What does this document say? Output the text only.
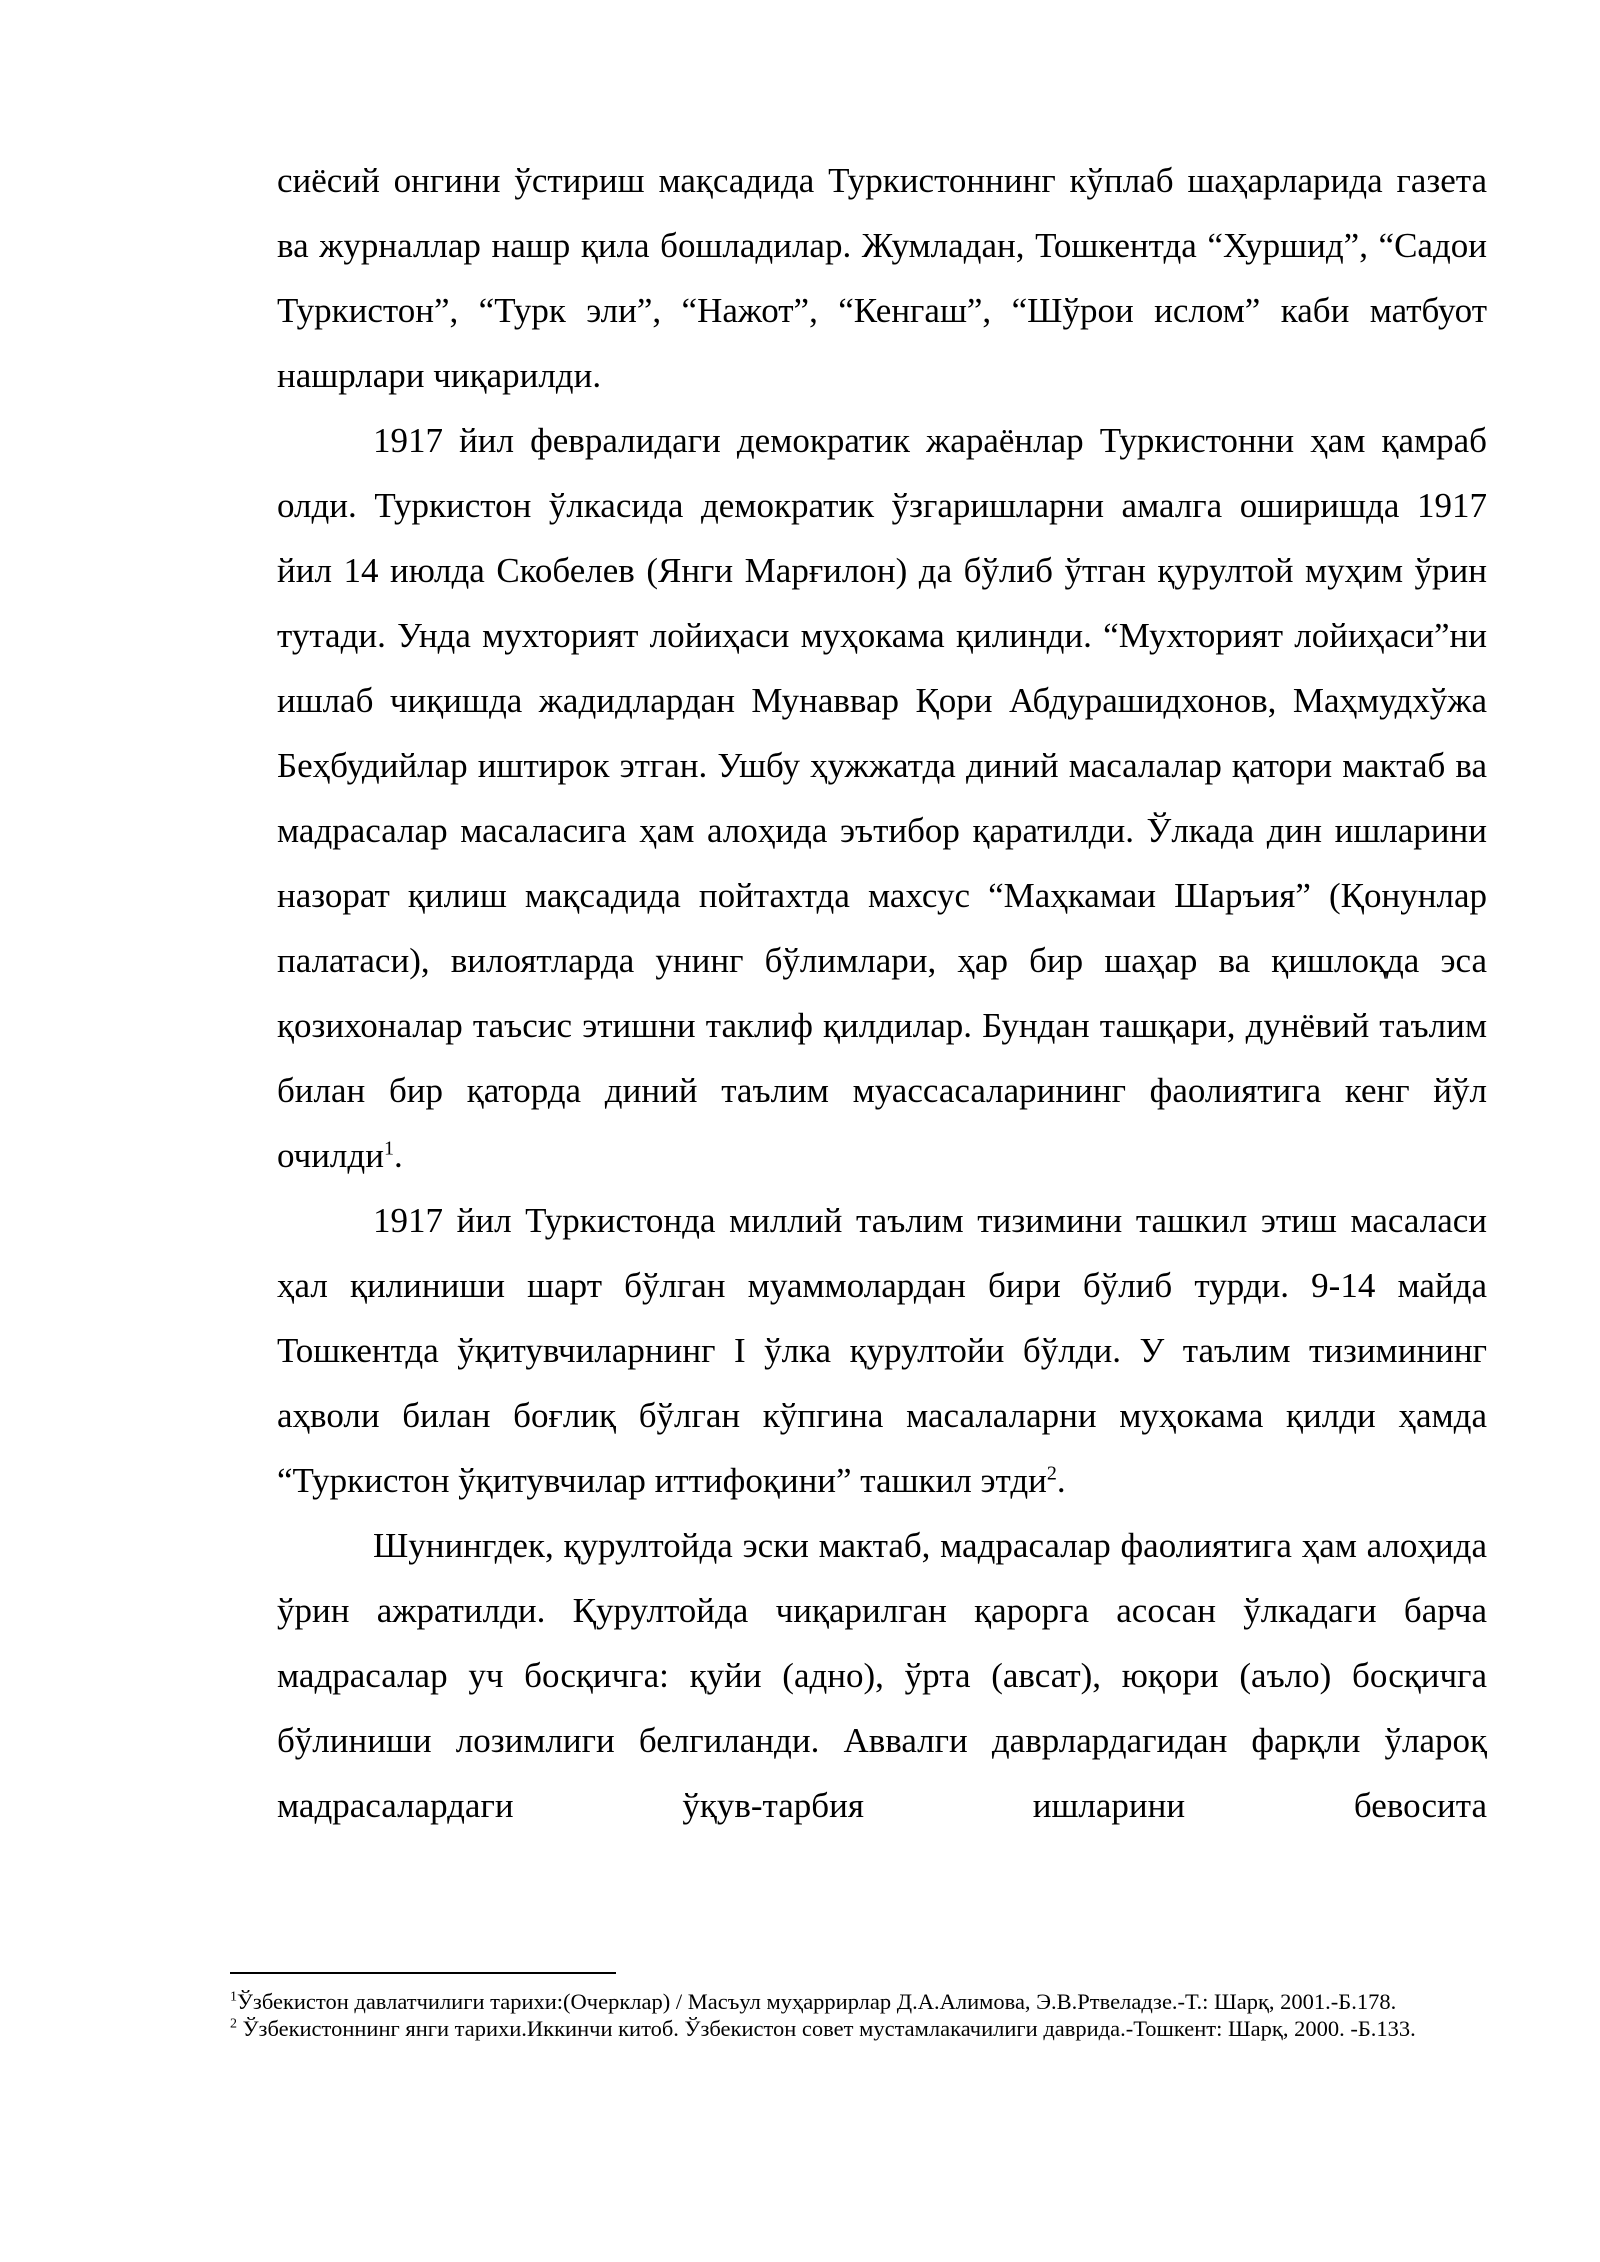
сиёсий онгини ўстириш мақсадида Туркистоннинг кўплаб шаҳарларида газета ва журналлар нашр қила бошладилар. Жумладан, Тошкентда “Хуршид”, “Садои Туркистон”, “Турк эли”, “Нажот”, “Кенгаш”, “Шўрои ислом” каби матбуот нашрлари чиқарилди.

1917 йил февралидаги демократик жараёнлар Туркистонни ҳам қамраб олди. Туркистон ўлкасида демократик ўзгаришларни амалга оширишда 1917 йил 14 июлда Скобелев (Янги Марғилон) да бўлиб ўтган қурултой муҳим ўрин тутади. Унда мухторият лойиҳаси муҳокама қилинди. “Мухторият лойиҳаси”ни ишлаб чиқишда жадидлардан Мунаввар Қори Абдурашидхонов, Маҳмудхўжа Беҳбудийлар иштирок этган. Ушбу ҳужжатда диний масалалар қатори мактаб ва мадрасалар масаласига ҳам алоҳида эътибор қаратилди. Ўлкада дин ишларини назорат қилиш мақсадида пойтахтда махсус “Маҳкамаи Шаръия” (Қонунлар палатаси), вилоятларда унинг бўлимлари, ҳар бир шаҳар ва қишлоқда эса қозихоналар таъсис этишни таклиф қилдилар. Бундан ташқари, дунёвий таълим билан бир қаторда диний таълим муассасаларининг фаолиятига кенг йўл очилди$^1$.

1917 йил Туркистонда миллий таълим тизимини ташкил этиш масаласи ҳал қилиниши шарт бўлган муаммолардан бири бўлиб турди. 9-14 майда Тошкентда ўқитувчиларнинг I ўлка қурултойи бўлди. У таълим тизимининг аҳволи билан боғлиқ бўлган кўпгина масалаларни муҳокама қилди ҳамда “Туркистон ўқитувчилар иттифоқини” ташкил этди$^2$.

Шунингдек, қурултойда эски мактаб, мадрасалар фаолиятига ҳам алоҳида ўрин ажратилди. Қурултойда чиқарилган қарорга асосан ўлкадаги барча мадрасалар уч босқичга: қуйи (адно), ўрта (авсат), юқори (аъло) босқичга бўлиниши лозимлиги белгиланди. Аввалги даврлардагидан фарқли ўлароқ мадрасалардаги ўқув-тарбия ишларини бевосита

$^1$Ўзбекистон давлатчилиги тарихи:(Очерклар) / Масъул муҳаррирлар Д.А.Алимова, Э.В.Ртвеладзе.-Т.: Шарқ, 2001.-Б.178.

$^2$ Ўзбекистоннинг янги тарихи.Иккинчи китоб. Ўзбекистон совет мустамлакачилиги даврида.-Тошкент: Шарқ, 2000. -Б.133.
